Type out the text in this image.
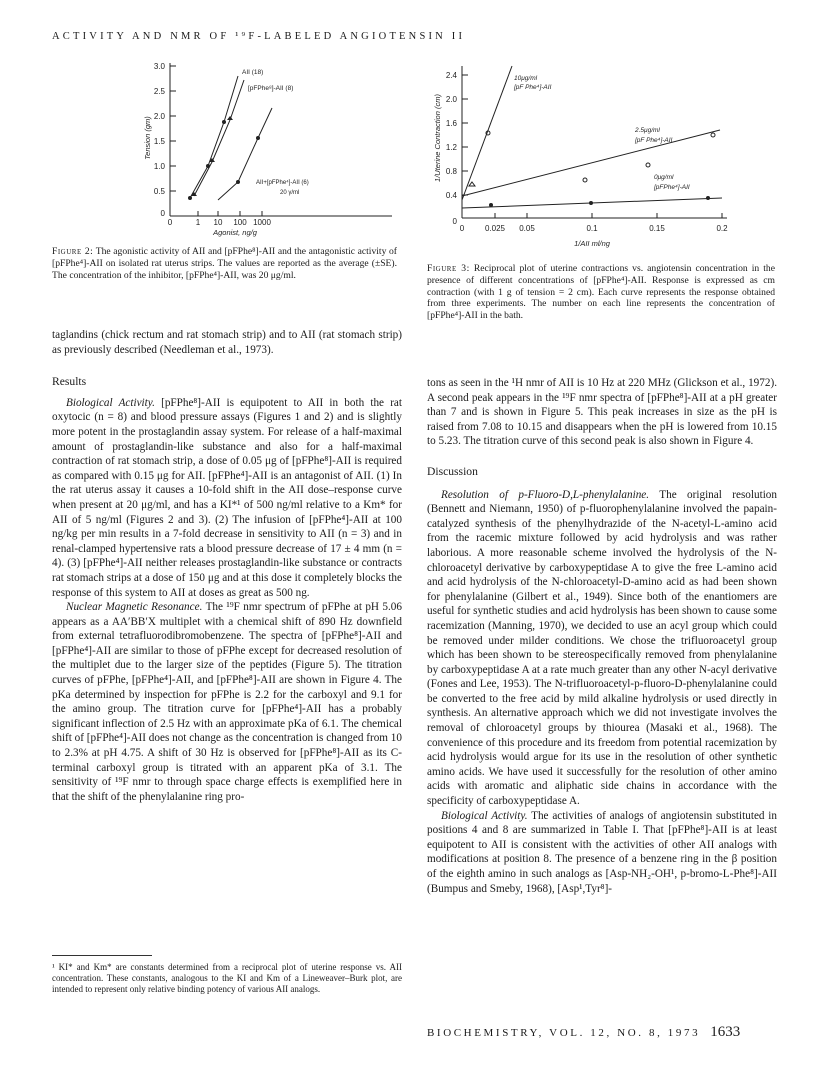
ACTIVITY AND NMR OF ¹⁹F-LABELED ANGIOTENSIN II
3.0
2.5
2.0
1.5
1.0
0.5
0
0	1 10 100 1000
Agonist, ng/g
Tension (gm)
AII (18)
[pFPhe⁸]-AII (8)
AII+[pFPhe⁴]-AII (6)
20 γ/ml
Figure 2: The agonistic activity of AII and [pFPhe⁸]-AII and the antagonistic activity of [pFPhe⁴]-AII on isolated rat uterus strips. The values are reported as the average (±SE). The concentration of the inhibitor, [pFPhe⁴]-AII, was 20 μg/ml.
2.4
2.0
1.6
1.2
0.8
0.4
0
0	0.025 0.05	0.1	0.15	0.2
1/AII ml/ng
1/Uterine Contraction (cm)
10μg/ml
[pF Phe⁴]-AII
2.5μg/ml
[pF Phe⁴]-AII
0μg/ml
[pFPhe⁴]-AII
Figure 3: Reciprocal plot of uterine contractions vs. angiotensin concentration in the presence of different concentrations of [pFPhe⁴]-AII. Response is expressed as cm contraction (with 1 g of tension = 2 cm). Each curve represents the response obtained from three experiments. The number on each line represents the concentration of [pFPhe⁴]-AII in the bath.

taglandins (chick rectum and rat stomach strip) and to AII (rat stomach strip) as previously described (Needleman et al., 1973).

Results

Biological Activity. [pFPhe⁸]-AII is equipotent to AII in both the rat oxytocic (n = 8) and blood pressure assays (Figures 1 and 2) and is slightly more potent in the prostaglandin assay system. For release of a half-maximal amount of prostaglandin-like substance and also for a half-maximal contraction of rat stomach strip, a dose of 0.05 μg of [pFPhe⁸]-AII is required as compared with 0.15 μg for AII. [pFPhe⁴]-AII is an antagonist of AII. (1) In the rat uterus assay it causes a 10-fold shift in the AII dose–response curve when present at 20 μg/ml, and has a KI*¹ of 500 ng/ml relative to a Km* for AII of 5 ng/ml (Figures 2 and 3). (2) The infusion of [pFPhe⁴]-AII at 100 ng/kg per min results in a 7-fold decrease in sensitivity to AII (n = 3) and in renal-clamped hypertensive rats a blood pressure decrease of 17 ± 4 mm (n = 4). (3) [pFPhe⁴]-AII neither releases prostaglandin-like substance or contracts rat stomach strips at a dose of 150 μg and at this dose it completely blocks the response of this system to AII at doses as great as 500 ng.

Nuclear Magnetic Resonance. The ¹⁹F nmr spectrum of pFPhe at pH 5.06 appears as a AA′BB′X multiplet with a chemical shift of 890 Hz downfield from external tetrafluorodibromobenzene. The spectra of [pFPhe⁸]-AII and [pFPhe⁴]-AII are similar to those of pFPhe except for decreased resolution of the multiplet due to the larger size of the peptides (Figure 5). The titration curves of pFPhe, [pFPhe⁴]-AII, and [pFPhe⁸]-AII are shown in Figure 4. The pKa determined by inspection for pFPhe is 2.2 for the carboxyl and 9.1 for the amino group. The titration curve for [pFPhe⁴]-AII has a probably significant inflection of 2.5 Hz with an approximate pKa of 6.1. The chemical shift of [pFPhe⁴]-AII does not change as the concentration is changed from 10 to 2.3% at pH 4.75. A shift of 30 Hz is observed for [pFPhe⁸]-AII as its C-terminal carboxyl group is titrated with an apparent pKa of 3.1. The sensitivity of ¹⁹F nmr to through space charge effects is exemplified here in that the shift of the phenylalanine ring pro-

¹ KI* and Km* are constants determined from a reciprocal plot of uterine response vs. AII concentration. These constants, analogous to the KI and Km of a Lineweaver–Burk plot, are intended to represent only relative binding potency of various AII analogs.

tons as seen in the ¹H nmr of AII is 10 Hz at 220 MHz (Glickson et al., 1972). A second peak appears in the ¹⁹F nmr spectra of [pFPhe⁸]-AII at a pH greater than 7 and is shown in Figure 5. This peak increases in size as the pH is raised from 7.08 to 10.15 and disappears when the pH is lowered from 10.15 to 5.23. The titration curve of this second peak is also shown in Figure 4.

Discussion

Resolution of p-Fluoro-D,L-phenylalanine. The original resolution (Bennett and Niemann, 1950) of p-fluorophenylalanine involved the papain-catalyzed synthesis of the phenylhydrazide of the N-acetyl-L-amino acid from the racemic mixture followed by acid hydrolysis and was rather laborious. A more reasonable scheme involved the hydrolysis of the N-chloroacetyl derivative by carboxypeptidase A to give the free L-amino acid and acid hydrolysis of the N-chloroacetyl-D-amino acid as had been shown for phenylalanine (Gilbert et al., 1949). Since both of the enantiomers are useful for synthetic studies and acid hydrolysis has been shown to cause some racemization (Manning, 1970), we decided to use an acyl group which could be removed under milder conditions. We chose the trifluoroacetyl group which has been shown to be stereospecifically removed from phenylalanine by carboxypeptidase A at a rate much greater than any other N-acyl derivative (Fones and Lee, 1953). The N-trifluoroacetyl-p-fluoro-D-phenylalanine could be converted to the free acid by mild alkaline hydrolysis or used directly in synthesis. An alternative approach which we did not investigate involves the removal of chloroacetyl groups by thiourea (Masaki et al., 1968). The convenience of this procedure and its freedom from potential racemization by acid hydrolysis would argue for its use in the resolution of other synthetic amino acids. We have used it successfully for the resolution of other amino acids with aromatic and aliphatic side chains in accordance with the specificity of carboxypeptidase A.

Biological Activity. The activities of analogs of angiotensin substituted in positions 4 and 8 are summarized in Table I. That [pFPhe⁸]-AII is at least equipotent to AII is consistent with the activities of other AII analogs with modifications at position 8. The presence of a benzene ring in the β position of the eighth amino in such analogs as [Asp-NH₂-OH¹, p-bromo-L-Phe⁸]-AII (Bumpus and Smeby, 1968), [Asp¹,Tyr⁸]-

BIOCHEMISTRY, VOL. 12, NO. 8, 1973 1633
